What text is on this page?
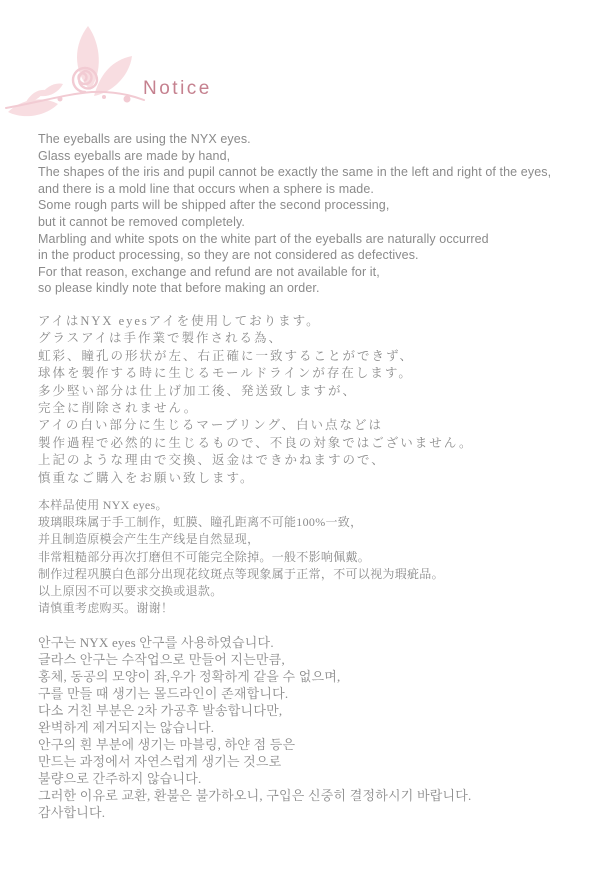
Notice
The eyeballs are using the NYX eyes.
Glass eyeballs are made by hand,
The shapes of the iris and pupil cannot be exactly the same in the left and right of the eyes,
and there is a mold line that occurs when a sphere is made.
Some rough parts will be shipped after the second processing,
but it cannot be removed completely.
Marbling and white spots on the white part of the eyeballs are naturally occurred
in the product processing, so they are not considered as defectives.
For that reason, exchange and refund are not available for it,
so please kindly note that before making an order.
アイはNYX eyesアイを使用しております。
グラスアイは手作業で製作される為、
虹彩、瞳孔の形状が左、右正確に一致することができず、
球体を製作する時に生じるモールドラインが存在します。
多少堅い部分は仕上げ加工後、発送致しますが、
完全に削除されません。
アイの白い部分に生じるマーブリング、白い点などは
製作過程で必然的に生じるもので、不良の対象ではございません。
上記のような理由で交換、返金はできかねますので、
慎重なご購入をお願い致します。
本样品使用 NYX eyes。
玻璃眼珠属于手工制作，虹膜、瞳孔距离不可能100%一致，
并且制造原模会产生生产线是自然显现，
非常粗糙部分再次打磨但不可能完全除掉。一般不影响佩戴。
制作过程巩膜白色部分出现花纹斑点等现象属于正常，不可以视为瑕疵品。
以上原因不可以要求交换或退款。
请慎重考虑购买。谢谢！
안구는 NYX eyes 안구를 사용하였습니다.
글라스 안구는 수작업으로 만들어 지는만큼,
홍체, 동공의 모양이 좌,우가 정확하게 같을 수 없으며,
구를 만들 때 생기는 몰드라인이 존재합니다.
다소 거친 부분은 2차 가공후 발송합니다만,
완벽하게 제거되지는 않습니다.
안구의 흰 부분에 생기는 마블링, 하얀 점 등은
만드는 과정에서 자연스럽게 생기는 것으로
불량으로 간주하지 않습니다.
그러한 이유로 교환, 환불은 불가하오니, 구입은 신중히 결정하시기 바랍니다.
감사합니다.
